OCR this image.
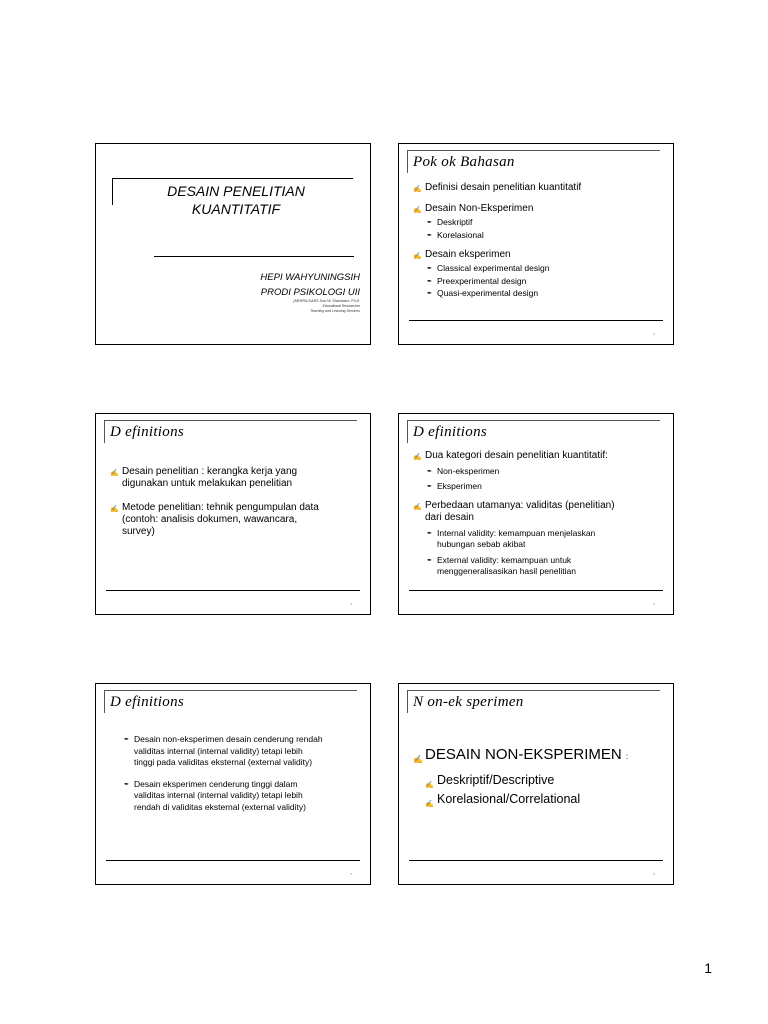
DESAIN PENELITIAN
KUANTITATIF
HEPI WAHYUNINGSIH
PRODI PSIKOLOGI UII
(MERRIL/UARS Sosi W. Shambano, Ph.D.
Educational Researcher
Teaching and Learning Services
Pok ok Bahasan
✍ Definisi desain penelitian kuantitatif
✍ Desain Non-Eksperimen
✒ Deskriptif
✒ Korelasional
✍ Desain eksperimen
✒ Classical experimental design
✒ Preexperimental design
✒ Quasi-experimental design
2
D efinitions
✍ Desain penelitian : kerangka kerja yang
digunakan untuk melakukan penelitian
✍ Metode penelitian: tehnik pengumpulan data
(contoh: analisis dokumen, wawancara,
survey)
3
D efinitions
✍ Dua kategori desain penelitian kuantitatif:
✒ Non-eksperimen
✒ Eksperimen
✍ Perbedaan utamanya: validitas (penelitian)
dari desain
✒ Internal validity: kemampuan menjelaskan
hubungan sebab akibat
✒ External validity: kemampuan untuk
menggeneralisasikan hasil penelitian
4
D efinitions
✒ Desain non-eksperimen desain cenderung rendah
validitas internal (internal validity) tetapi lebih
tinggi pada validitas eksternal (external validity)
✒ Desain eksperimen cenderung tinggi dalam
validitas internal (internal validity) tetapi lebih
rendah di validitas eksternal (external validity)
5
N on-ek sperimen
✍ DESAIN NON-EKSPERIMEN :
✍ Deskriptif/Descriptive
✍ Korelasional/Correlational
6
1
